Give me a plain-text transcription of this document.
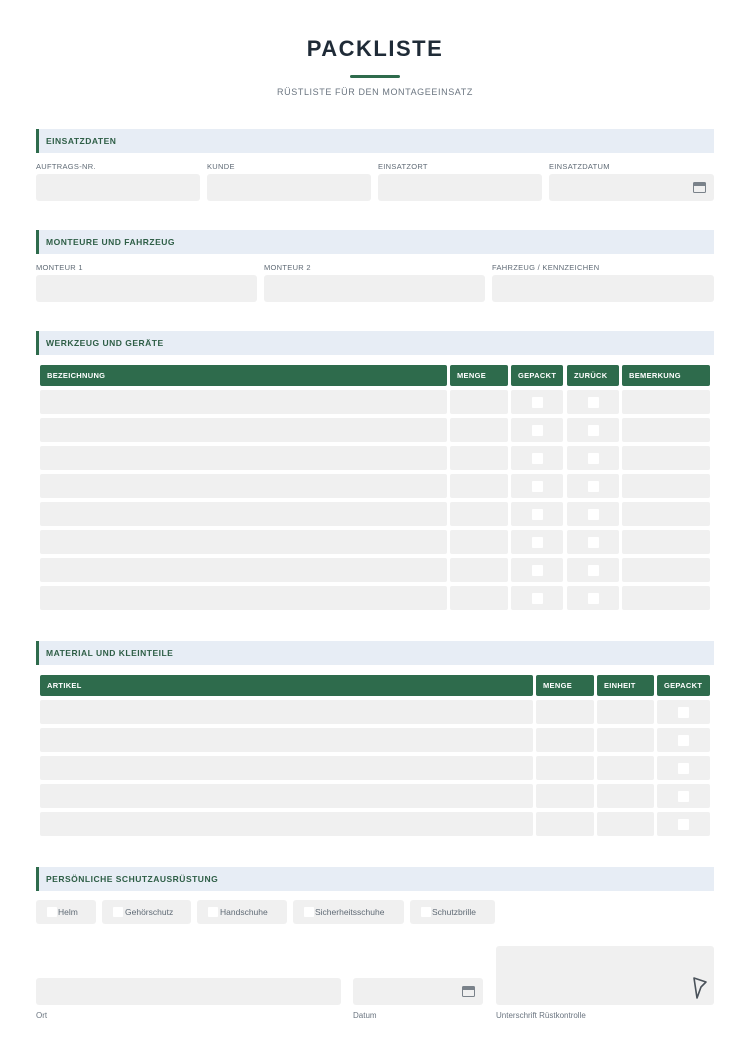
PACKLISTE
RÜSTLISTE FÜR DEN MONTAGEEINSATZ
EINSATZDATEN
AUFTRAGS-NR.	KUNDE	EINSATZORT	EINSATZDATUM
MONTEURE UND FAHRZEUG
MONTEUR 1	MONTEUR 2	FAHRZEUG / KENNZEICHEN
WERKZEUG UND GERÄTE
BEZEICHNUNG	MENGE	GEPACKT	ZURÜCK	BEMERKUNG
MATERIAL UND KLEINTEILE
ARTIKEL	MENGE	EINHEIT	GEPACKT
PERSÖNLICHE SCHUTZAUSRÜSTUNG
Helm	Gehörschutz	Handschuhe	Sicherheitsschuhe	Schutzbrille
Ort	Datum	Unterschrift Rüstkontrolle
